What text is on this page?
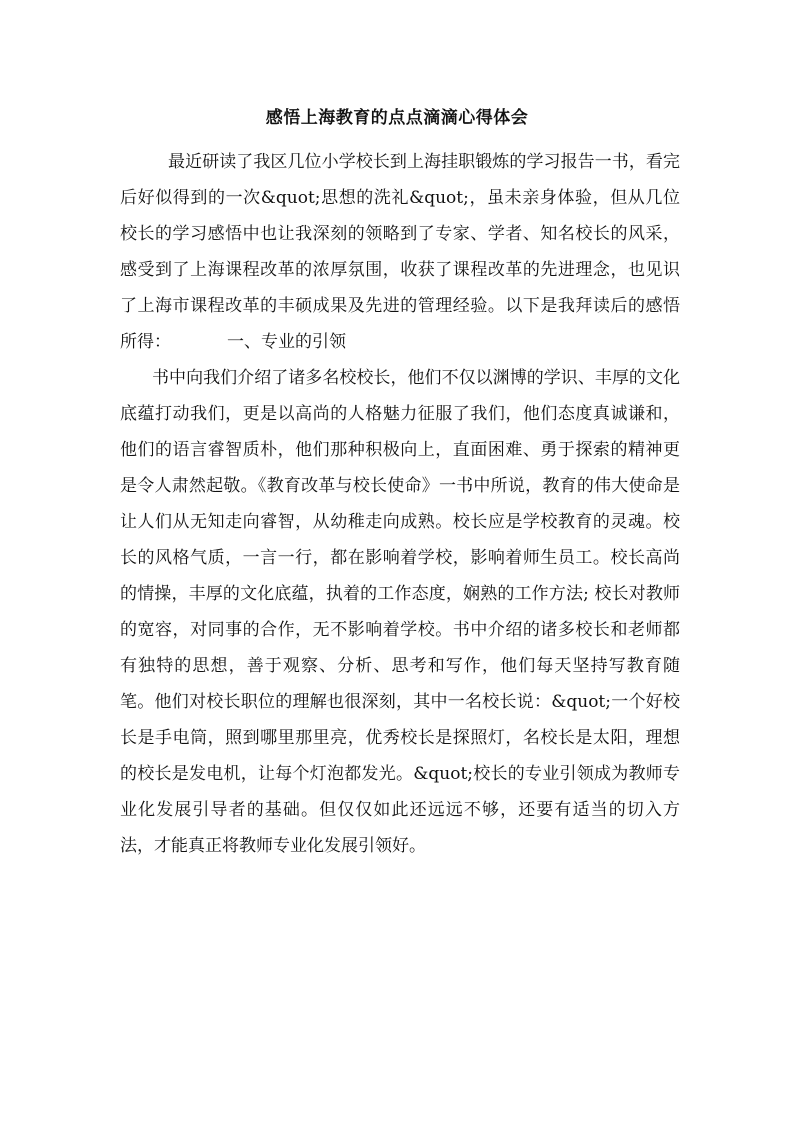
感悟上海教育的点点滴滴心得体会

最近研读了我区几位小学校长到上海挂职锻炼的学习报告一书，看完后好似得到的一次&quot;思想的洗礼&quot;，虽未亲身体验，但从几位校长的学习感悟中也让我深刻的领略到了专家、学者、知名校长的风采，感受到了上海课程改革的浓厚氛围，收获了课程改革的先进理念，也见识了上海市课程改革的丰硕成果及先进的管理经验。以下是我拜读后的感悟所得：	一、专业的引领

书中向我们介绍了诸多名校校长，他们不仅以渊博的学识、丰厚的文化底蕴打动我们，更是以高尚的人格魅力征服了我们，他们态度真诚谦和，他们的语言睿智质朴，他们那种积极向上，直面困难、勇于探索的精神更是令人肃然起敬。《教育改革与校长使命》一书中所说，教育的伟大使命是让人们从无知走向睿智，从幼稚走向成熟。校长应是学校教育的灵魂。校长的风格气质，一言一行，都在影响着学校，影响着师生员工。校长高尚的情操，丰厚的文化底蕴，执着的工作态度，娴熟的工作方法; 校长对教师的宽容，对同事的合作，无不影响着学校。书中介绍的诸多校长和老师都有独特的思想，善于观察、分析、思考和写作，他们每天坚持写教育随笔。他们对校长职位的理解也很深刻，其中一名校长说：&quot;一个好校长是手电筒，照到哪里那里亮，优秀校长是探照灯，名校长是太阳，理想的校长是发电机，让每个灯泡都发光。&quot;校长的专业引领成为教师专业化发展引导者的基础。但仅仅如此还远远不够，还要有适当的切入方法，才能真正将教师专业化发展引领好。
